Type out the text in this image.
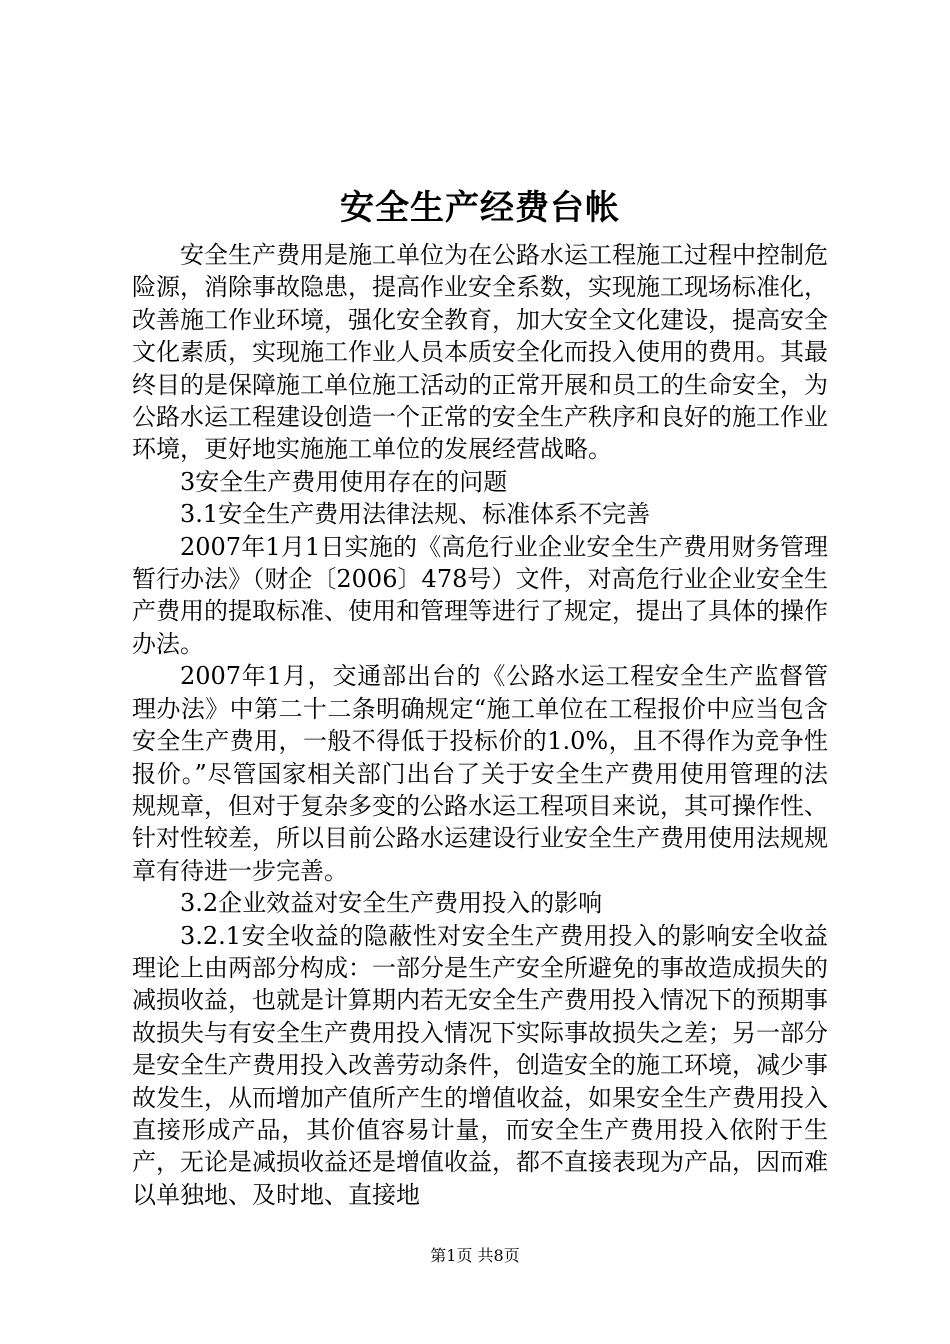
安全生产经费台帐

安全生产费用是施工单位为在公路水运工程施工过程中控制危险源，消除事故隐患，提高作业安全系数，实现施工现场标准化，改善施工作业环境，强化安全教育，加大安全文化建设，提高安全文化素质，实现施工作业人员本质安全化而投入使用的费用。其最终目的是保障施工单位施工活动的正常开展和员工的生命安全，为公路水运工程建设创造一个正常的安全生产秩序和良好的施工作业环境，更好地实施施工单位的发展经营战略。

3安全生产费用使用存在的问题

3.1安全生产费用法律法规、标准体系不完善

2007年1月1日实施的《高危行业企业安全生产费用财务管理暂行办法》（财企〔2006〕478号）文件，对高危行业企业安全生产费用的提取标准、使用和管理等进行了规定，提出了具体的操作办法。

2007年1月，交通部出台的《公路水运工程安全生产监督管理办法》中第二十二条明确规定“施工单位在工程报价中应当包含安全生产费用，一般不得低于投标价的1.0%，且不得作为竞争性报价。”尽管国家相关部门出台了关于安全生产费用使用管理的法规规章，但对于复杂多变的公路水运工程项目来说，其可操作性、针对性较差，所以目前公路水运建设行业安全生产费用使用法规规章有待进一步完善。

3.2企业效益对安全生产费用投入的影响

3.2.1安全收益的隐蔽性对安全生产费用投入的影响安全收益理论上由两部分构成：一部分是生产安全所避免的事故造成损失的减损收益，也就是计算期内若无安全生产费用投入情况下的预期事故损失与有安全生产费用投入情况下实际事故损失之差；另一部分是安全生产费用投入改善劳动条件，创造安全的施工环境，减少事故发生，从而增加产值所产生的增值收益，如果安全生产费用投入直接形成产品，其价值容易计量，而安全生产费用投入依附于生产，无论是减损收益还是增值收益，都不直接表现为产品，因而难以单独地、及时地、直接地

第1页 共8页
